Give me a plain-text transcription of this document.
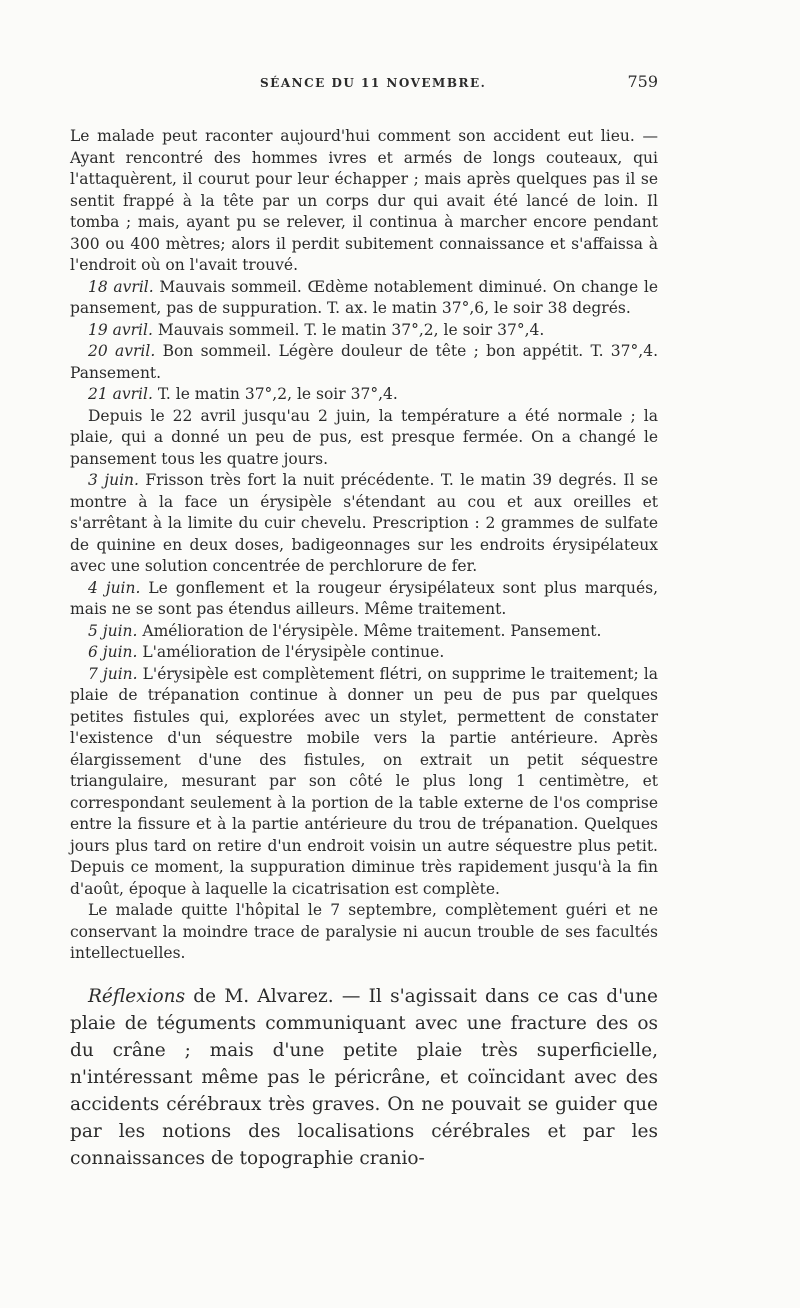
SÉANCE DU 11 NOVEMBRE.	759

Le malade peut raconter aujourd'hui comment son accident eut lieu. — Ayant rencontré des hommes ivres et armés de longs couteaux, qui l'attaquèrent, il courut pour leur échapper ; mais après quelques pas il se sentit frappé à la tête par un corps dur qui avait été lancé de loin. Il tomba ; mais, ayant pu se relever, il continua à marcher encore pendant 300 ou 400 mètres; alors il perdit subitement connaissance et s'affaissa à l'endroit où on l'avait trouvé.

18 avril. Mauvais sommeil. Œdème notablement diminué. On change le pansement, pas de suppuration. T. ax. le matin 37°,6, le soir 38 degrés.

19 avril. Mauvais sommeil. T. le matin 37°,2, le soir 37°,4.

20 avril. Bon sommeil. Légère douleur de tête ; bon appétit. T. 37°,4. Pansement.

21 avril. T. le matin 37°,2, le soir 37°,4.

Depuis le 22 avril jusqu'au 2 juin, la température a été normale ; la plaie, qui a donné un peu de pus, est presque fermée. On a changé le pansement tous les quatre jours.

3 juin. Frisson très fort la nuit précédente. T. le matin 39 degrés. Il se montre à la face un érysipèle s'étendant au cou et aux oreilles et s'arrêtant à la limite du cuir chevelu. Prescription : 2 grammes de sulfate de quinine en deux doses, badigeonnages sur les endroits érysipélateux avec une solution concentrée de perchlorure de fer.

4 juin. Le gonflement et la rougeur érysipélateux sont plus marqués, mais ne se sont pas étendus ailleurs. Même traitement.

5 juin. Amélioration de l'érysipèle. Même traitement. Pansement.

6 juin. L'amélioration de l'érysipèle continue.

7 juin. L'érysipèle est complètement flétri, on supprime le traitement; la plaie de trépanation continue à donner un peu de pus par quelques petites fistules qui, explorées avec un stylet, permettent de constater l'existence d'un séquestre mobile vers la partie antérieure. Après élargissement d'une des fistules, on extrait un petit séquestre triangulaire, mesurant par son côté le plus long 1 centimètre, et correspondant seulement à la portion de la table externe de l'os comprise entre la fissure et à la partie antérieure du trou de trépanation. Quelques jours plus tard on retire d'un endroit voisin un autre séquestre plus petit. Depuis ce moment, la suppuration diminue très rapidement jusqu'à la fin d'août, époque à laquelle la cicatrisation est complète.

Le malade quitte l'hôpital le 7 septembre, complètement guéri et ne conservant la moindre trace de paralysie ni aucun trouble de ses facultés intellectuelles.

Réflexions de M. Alvarez. — Il s'agissait dans ce cas d'une plaie de téguments communiquant avec une fracture des os du crâne ; mais d'une petite plaie très superficielle, n'intéressant même pas le péricrâne, et coïncidant avec des accidents cérébraux très graves. On ne pouvait se guider que par les notions des localisations cérébrales et par les connaissances de topographie cranio-
